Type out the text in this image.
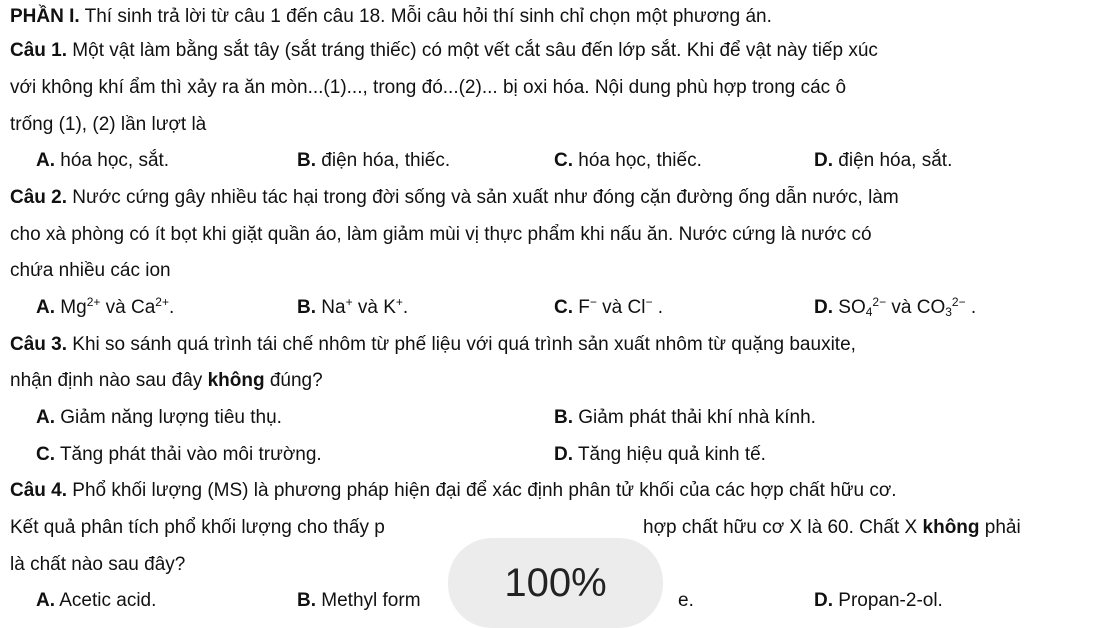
PHẦN I. Thí sinh trả lời từ câu 1 đến câu 18. Mỗi câu hỏi thí sinh chỉ chọn một phương án.
Câu 1. Một vật làm bằng sắt tây (sắt tráng thiếc) có một vết cắt sâu đến lớp sắt. Khi để vật này tiếp xúc
với không khí ẩm thì xảy ra ăn mòn...(1)..., trong đó...(2)... bị oxi hóa. Nội dung phù hợp trong các ô
trống (1), (2) lần lượt là
A. hóa học, sắt.	B. điện hóa, thiếc.	C. hóa học, thiếc.	D. điện hóa, sắt.
Câu 2. Nước cứng gây nhiều tác hại trong đời sống và sản xuất như đóng cặn đường ống dẫn nước, làm
cho xà phòng có ít bọt khi giặt quần áo, làm giảm mùi vị thực phẩm khi nấu ăn. Nước cứng là nước có
chứa nhiều các ion
A. $Mg^{2+}$ và $Ca^{2+}$.	B. Na+ và K+.	C. F− và Cl− .	D. $SO_4^{2-}$ và $CO_3^{2-}$ .
Câu 3. Khi so sánh quá trình tái chế nhôm từ phế liệu với quá trình sản xuất nhôm từ quặng bauxite,
nhận định nào sau đây không đúng?
A. Giảm năng lượng tiêu thụ.	B. Giảm phát thải khí nhà kính.
C. Tăng phát thải vào môi trường.	D. Tăng hiệu quả kinh tế.
Câu 4. Phổ khối lượng (MS) là phương pháp hiện đại để xác định phân tử khối của các hợp chất hữu cơ.
Kết quả phân tích phổ khối lượng cho thấy p	hợp chất hữu cơ X là 60. Chất X không phải
là chất nào sau đây?
A. Acetic acid.	B. Methyl form	e.	D. Propan-2-ol.
100%
